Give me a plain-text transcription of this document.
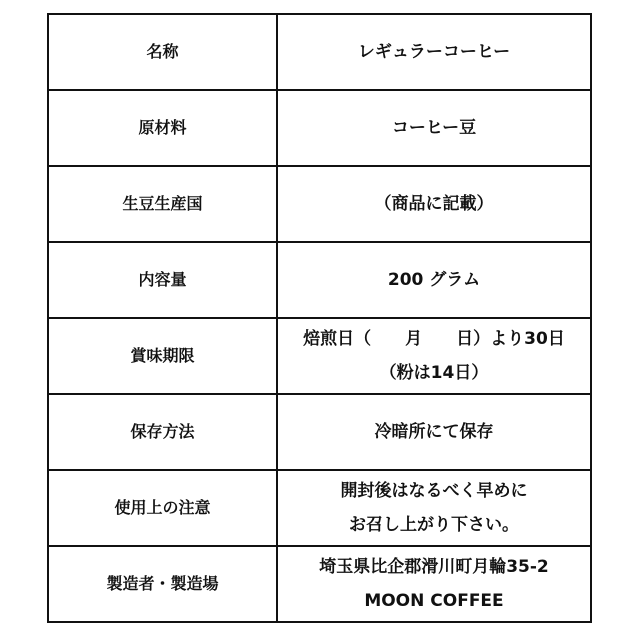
名称	レギュラーコーヒー

原材料	コーヒー豆

生豆生産国	（商品に記載）

内容量	200 グラム

賞味期限	焙煎日（　　月　　日）より30日
（粉は14日）

保存方法	冷暗所にて保存

使用上の注意	開封後はなるべく早めに
お召し上がり下さい。

製造者・製造場	埼玉県比企郡滑川町月輪35-2
MOON COFFEE
